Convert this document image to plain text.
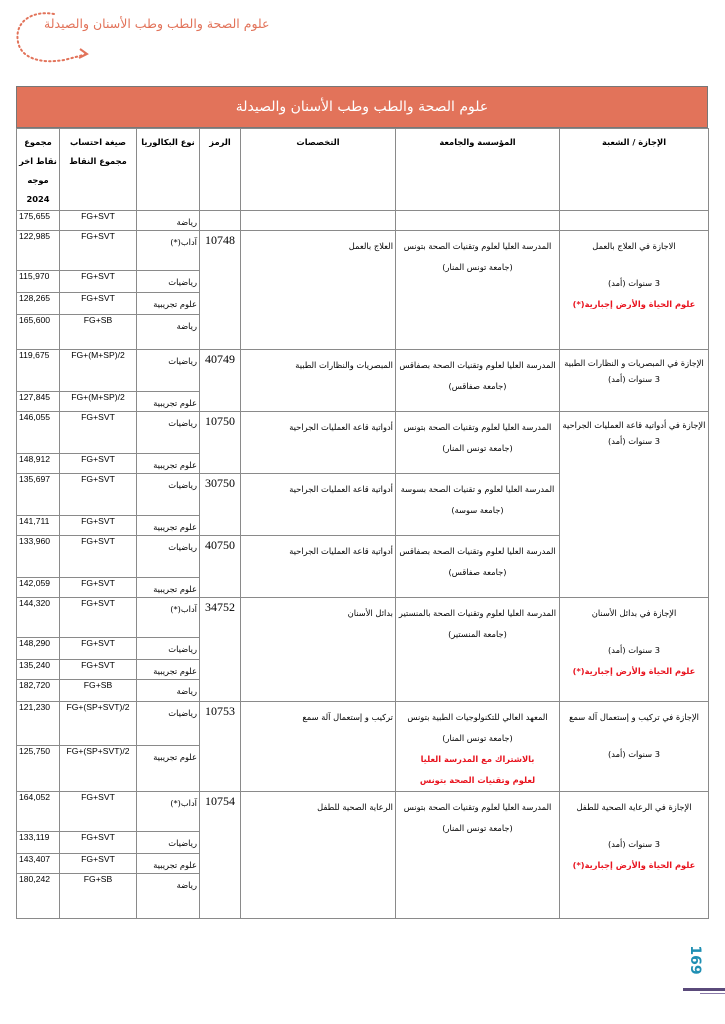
علوم الصحة والطب وطب الأسنان والصيدلة
علوم الصحة والطب وطب الأسنان والصيدلة
مجموع نقاط اخر موجه 2024	صيغة احتساب مجموع النقاط	نوع البكالوريا	الرمز	التخصصات	المؤسسة والجامعة	الإجازة / الشعبة
175,655	FG+SVT	رياضة				
122,985	FG+SVT	آداب(*)	10748	العلاج بالعمل	المدرسة العليا لعلوم وتقنيات الصحة بتونس (جامعة تونس المنار)	الاجازة في العلاج بالعمل
3 سنوات (أمد)
علوم الحياة والأرض إجبارية(*)

115,970	FG+SVT	رياضيات				
128,265	FG+SVT	علوم تجريبية				
165,600	FG+SB	رياضة				
119,675	FG+(M+SP)/2	رياضيات	40749	المبصريات والنظارات الطبية	المدرسة العليا لعلوم وتقنيات الصحة بصفاقس (جامعة صفاقس)	الإجازة في المبصريات و النظارات الطبية
3 سنوات (أمد)

127,845	FG+(M+SP)/2	علوم تجريبية				
146,055	FG+SVT	رياضيات	10750	أدواتية قاعة العمليات الجراحية	المدرسة العليا لعلوم وتقنيات الصحة بتونس (جامعة تونس المنار)	الإجازة في أدواتية قاعة العمليات الجراحية
3 سنوات (أمد)

148,912	FG+SVT	علوم تجريبية				
135,697	FG+SVT	رياضيات	30750	أدواتية قاعة العمليات الجراحية	المدرسة العليا لعلوم و تقنيات الصحة بسوسة (جامعة سوسة)	
141,711	FG+SVT	علوم تجريبية				
133,960	FG+SVT	رياضيات	40750	أدواتية قاعة العمليات الجراحية	المدرسة العليا لعلوم وتقنيات الصحة بصفاقس (جامعة صفاقس)	
142,059	FG+SVT	علوم تجريبية				
144,320	FG+SVT	آداب(*)	34752	بدائل الأسنان	المدرسة العليا لعلوم وتقنيات الصحة بالمنستير (جامعة المنستير)	الإجازة في بدائل الأسنان
3 سنوات (أمد)
علوم الحياة والأرض إجبارية(*)

148,290	FG+SVT	رياضيات				
135,240	FG+SVT	علوم تجريبية				
182,720	FG+SB	رياضة				
121,230	FG+(SP+SVT)/2	رياضيات	10753	تركيب و إستعمال آلة سمع	المعهد العالي للتكنولوجيات الطبية بتونس (جامعة تونس المنار)
بالاشتراك مع المدرسة العليا
لعلوم وتقنيات الصحة بتونس	الإجازة في تركيب و إستعمال آلة سمع
3 سنوات (أمد)

125,750	FG+(SP+SVT)/2	علوم تجريبية				
164,052	FG+SVT	آداب(*)	10754	الرعاية الصحية للطفل	المدرسة العليا لعلوم وتقنيات الصحة بتونس (جامعة تونس المنار)	الإجازة في الرعاية الصحية للطفل
3 سنوات (أمد)
علوم الحياة والأرض إجبارية(*)

133,119	FG+SVT	رياضيات				
143,407	FG+SVT	علوم تجريبية				
180,242	FG+SB	رياضة				
169
